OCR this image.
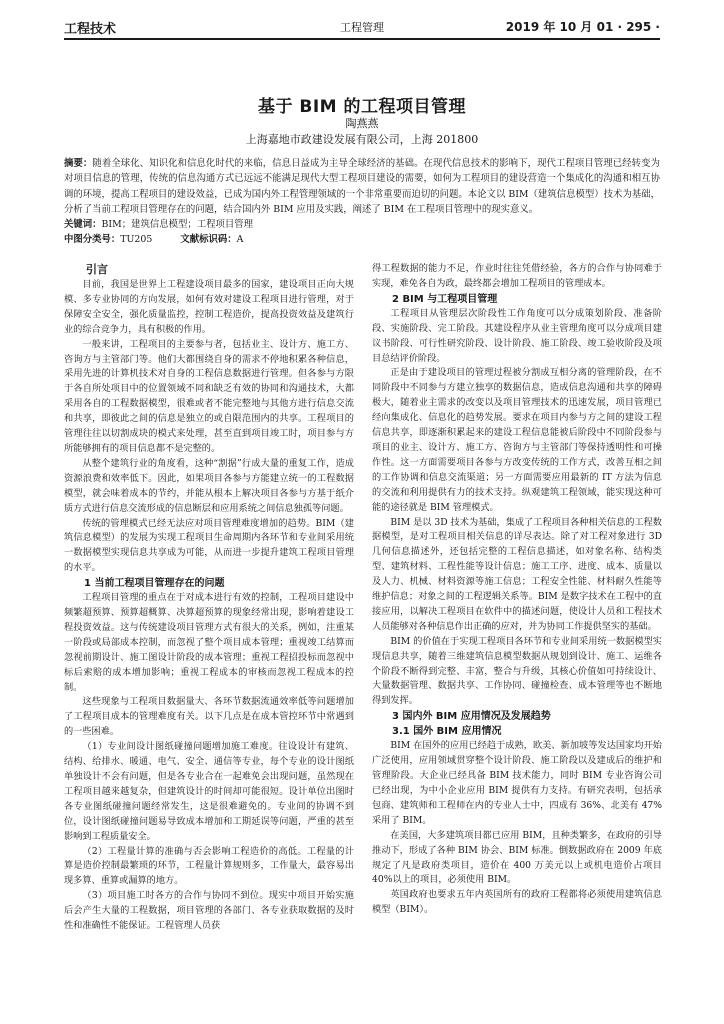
工程技术	工程管理	2019 年 10 月 01 · 295 ·
基于 BIM 的工程项目管理
陶燕燕
上海嘉地市政建设发展有限公司，上海 201800
摘要：随着全球化、知识化和信息化时代的来临，信息日益成为主导全球经济的基础。在现代信息技术的影响下，现代工程项目管理已经转变为对项目信息的管理，传统的信息沟通方式已远远不能满足现代大型工程项目建设的需要，如何为工程项目的建设营造一个集成化的沟通和相互协调的环境，提高工程项目的建设效益，已成为国内外工程管理领域的一个非常重要而迫切的问题。本论文以 BIM（建筑信息模型）技术为基础，分析了当前工程项目管理存在的问题，结合国内外 BIM 应用及实践，阐述了 BIM 在工程项目管理中的现实意义。
关键词：BIM；建筑信息模型；工程项目管理
中图分类号：TU205	文献标识码：A
引言

目前，我国是世界上工程建设项目最多的国家，建设项目正向大规模、多专业协同的方向发展，如何有效对建设工程项目进行管理，对于保障安全安全，强化质量监控，控制工程造价，提高投资效益及建筑行业的综合竞争力，具有积极的作用。

一般来讲，工程项目的主要参与者，包括业主、设计方、施工方、咨询方与主管部门等。他们大都围绕自身的需求不停地积累各种信息，采用先进的计算机技术对自身的工程信息数据进行管理。但各参与方限于各自所处项目中的位置领域不同和缺乏有效的协同和沟通技术，大都采用各自的工程数据模型，很难或者不能完整地与其他方进行信息交流和共享，即彼此之间的信息是独立的或自限范围内的共享。工程项目的管理往往以切割成块的模式来处理，甚至直到项目竣工时，项目参与方所能够拥有的项目信息都不是完整的。

从整个建筑行业的角度看，这种“割据”行成大量的重复工作，造成资源浪费和效率低下。因此，如果项目各参与方能建立统一的工程数据模型，就会味着成本的节约，并能从根本上解决项目各参与方基于纸介质方式进行信息交流形成的信息断层和应用系统之间信息独孤等问题。

传统的管理模式已经无法应对项目管理难度增加的趋势。BIM（建筑信息模型）的发展为实现工程项目生命周期内各环节和专业间采用统一数据模型实现信息共享成为可能，从而进一步提升建筑工程项目管理的水平。

1 当前工程项目管理存在的问题

工程项目管理的重点在于对成本进行有效的控制，工程项目建设中频繁超预算、预算超概算、决算超预算的现象经常出现，影响着建设工程投资效益。这与传统建设项目管理方式有很大的关系，例如，注重某一阶段或局部成本控制，而忽视了整个项目成本管理；重视竣工结算而忽视前期设计、施工图设计阶段的成本管理；重视工程招投标而忽视中标后索赔的成本增加影响；重视工程成本的审核而忽视工程成本的控制。

这些现象与工程项目数据量大、各环节数据流通效率低等问题增加了工程项目成本的管理难度有关。以下几点是在成本管控环节中常遇到的一些困难。

（1）专业间设计图纸碰撞问题增加施工难度。往设设计有建筑、结构、给排水、暖通、电气、安全、通信等专业，每个专业的设计图纸单独设计不会有问题，但是各专业合在一起难免会出现问题，虽然现在工程项目越来越复杂，但建筑设计的时间却可能很短。设计单位出图时各专业图纸碰撞问题经常发生，这是很难避免的。专业间的协调不到位，设计图纸碰撞问题易导致成本增加和工期延误等问题，严重的甚至影响到工程质量安全。

（2）工程量计算的准确与否会影响工程造价的高低。工程量的计算是造价控制最繁琐的环节，工程量计算规则多，工作量大，最容易出现多算、重算或漏算的地方。

（3）项目施工时各方的合作与协同不到位。现实中项目开始实施后会产生大量的工程数据，项目管理的各部门、各专业获取数据的及时性和准确性不能保证。工程管理人员获

得工程数据的能力不足，作业时往往凭借经验，各方的合作与协同难于实现，难免各自为政，最终都会增加工程项目的管理成本。

2 BIM 与工程项目管理

工程项目从管理层次阶段性工作角度可以分成策划阶段、准备阶段、实施阶段、完工阶段。其建设程序从业主管理角度可以分成项目建议书阶段、可行性研究阶段、设计阶段、施工阶段、竣工验收阶段及项目总结评价阶段。

正是由于建设项目的管理过程被分割成互相分离的管理阶段，在不同阶段中不同参与方建立独享的数据信息，造成信息沟通和共享的障碍极大，随着业主需求的改变以及项目管理技术的迅速发展，项目管理已经向集成化、信息化的趋势发展。要求在项目内参与方之间的建设工程信息共享，即逐渐积累起来的建设工程信息能被后阶段中不同阶段参与项目的业主、设计方、施工方、咨询方与主管部门等保持透明性和可操作性。这一方面需要项目各参与方改变传统的工作方式，改善互相之间的工作协调和信息交流渠道；另一方面需要应用最新的 IT 方法为信息的交流和利用提供有力的技术支持。纵观建筑工程领域，能实现这种可能的途径就是 BIM 管理模式。

BIM 是以 3D 技术为基础，集成了工程项目各种相关信息的工程数据模型，是对工程项目相关信息的详尽表达。除了对工程对象进行 3D 几何信息描述外，还包括完整的工程信息描述，如对象名称、结构类型、建筑材料、工程性能等设计信息；施工工序、进度、成本、质量以及人力、机械、材料资源等施工信息；工程安全性能、材料耐久性能等维护信息；对象之间的工程逻辑关系等。BIM 是数字技术在工程中的直接应用，以解决工程项目在软件中的描述问题，使设计人员和工程技术人员能够对各种信息作出正确的应对，并为协同工作提供坚实的基础。

BIM 的价值在于实现工程项目各环节和专业间采用统一数据模型实现信息共享，随着三维建筑信息模型数据从规划到设计、施工、运维各个阶段不断得到完整、丰富，整合与升级，其核心价值如可持续设计、大量数据管理、数据共享、工作协同、碰撞检查、成本管理等也不断地得到发挥。

3 国内外 BIM 应用情况及发展趋势
3.1 国外 BIM 应用情况

BIM 在国外的应用已经趋于成熟，欧美、新加坡等发达国家均开始广泛使用，应用领域贯穿整个设计阶段、施工阶段以及建成后的维护和管理阶段。大企业已经具备 BIM 技术能力，同时 BIM 专业咨询公司已经出现，为中小企业应用 BIM 提供有力支持。有研究表明，包括承包商、建筑师和工程师在内的专业人士中，四成有 36%、北美有 47%采用了 BIM。

在美国，大多建筑项目都已应用 BIM，且种类繁多，在政府的引导推动下，形成了各种 BIM 协会、BIM 标准。倒数据政府在 2009 年底规定了凡是政府类项目，造价在 400 万美元以上或机电造价占项目 40%以上的项目，必须使用 BIM。

英国政府也要求五年内英国所有的政府工程都将必须使用建筑信息模型（BIM）。
